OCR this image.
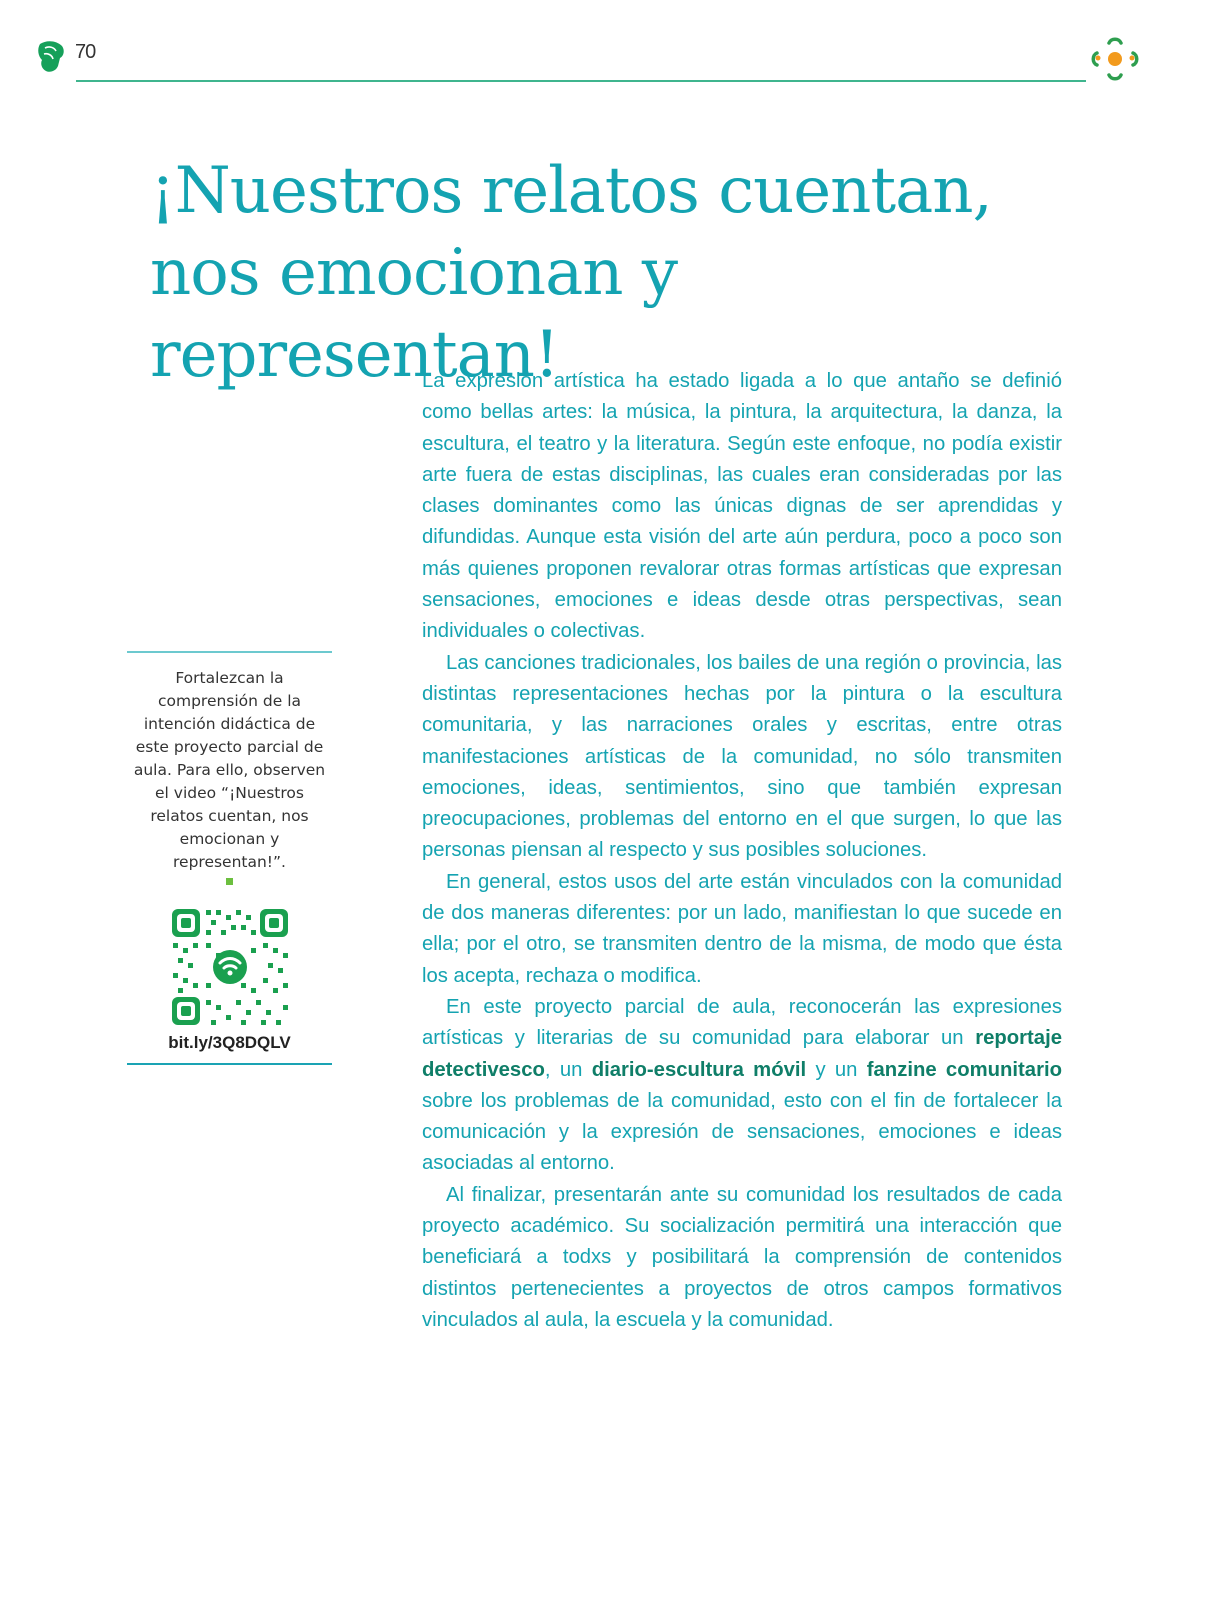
70
¡Nuestros relatos cuentan, nos emocionan y representan!

Fortalezcan la comprensión de la intención didáctica de este proyecto parcial de aula. Para ello, observen el video “¡Nuestros relatos cuentan, nos emocionan y representan!”.

bit.ly/3Q8DQLV

La expresión artística ha estado ligada a lo que antaño se definió como bellas artes: la música, la pintura, la arquitectura, la danza, la escultura, el teatro y la literatura. Según este enfoque, no podía existir arte fuera de estas disciplinas, las cuales eran consideradas por las clases dominantes como las únicas dignas de ser aprendidas y difundidas. Aunque esta visión del arte aún perdura, poco a poco son más quienes proponen revalorar otras formas artísticas que expresan sensaciones, emociones e ideas desde otras perspectivas, sean individuales o colectivas.

Las canciones tradicionales, los bailes de una región o provincia, las distintas representaciones hechas por la pintura o la escultura comunitaria, y las narraciones orales y escritas, entre otras manifestaciones artísticas de la comunidad, no sólo transmiten emociones, ideas, sentimientos, sino que también expresan preocupaciones, problemas del entorno en el que surgen, lo que las personas piensan al respecto y sus posibles soluciones.

En general, estos usos del arte están vinculados con la comunidad de dos maneras diferentes: por un lado, manifiestan lo que sucede en ella; por el otro, se transmiten dentro de la misma, de modo que ésta los acepta, rechaza o modifica.

En este proyecto parcial de aula, reconocerán las expresiones artísticas y literarias de su comunidad para elaborar un reportaje detectivesco, un diario-escultura móvil y un fanzine comunitario sobre los problemas de la comunidad, esto con el fin de fortalecer la comunicación y la expresión de sensaciones, emociones e ideas asociadas al entorno.

Al finalizar, presentarán ante su comunidad los resultados de cada proyecto académico. Su socialización permitirá una interacción que beneficiará a todxs y posibilitará la comprensión de contenidos distintos pertenecientes a proyectos de otros campos formativos vinculados al aula, la escuela y la comunidad.
